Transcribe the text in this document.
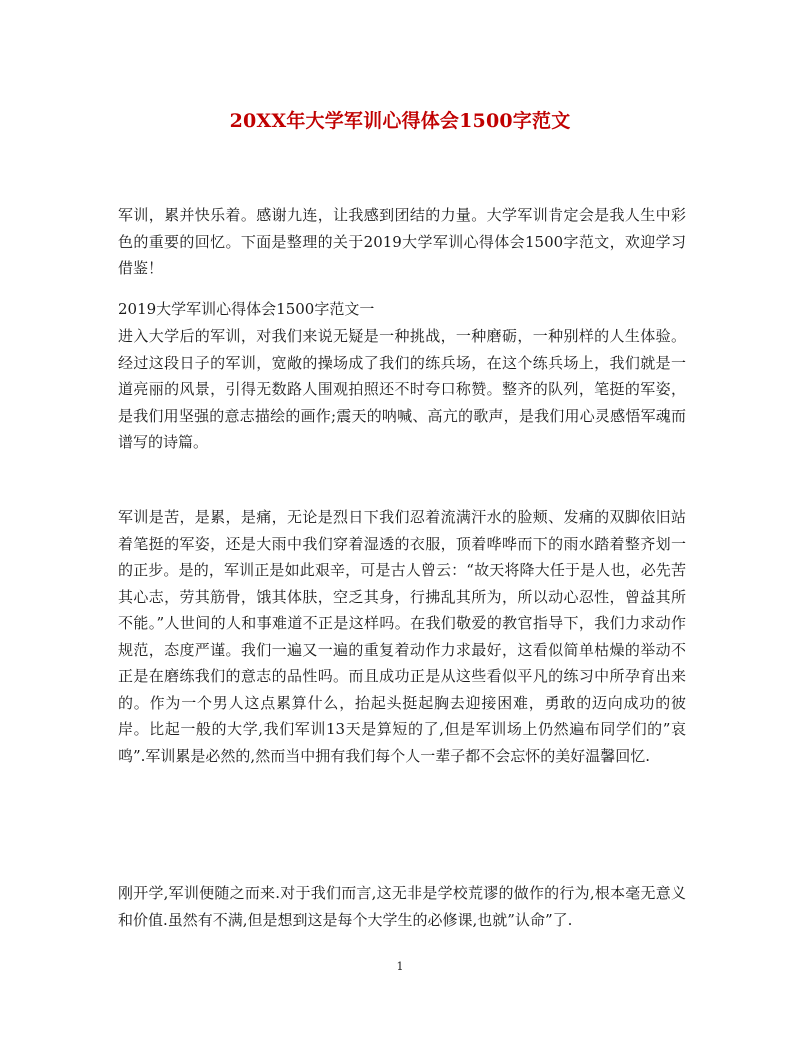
20XX年大学军训心得体会1500字范文

军训，累并快乐着。感谢九连，让我感到团结的力量。大学军训肯定会是我人生中彩色的重要的回忆。下面是整理的关于2019大学军训心得体会1500字范文，欢迎学习借鉴！

2019大学军训心得体会1500字范文一

进入大学后的军训，对我们来说无疑是一种挑战，一种磨砺，一种别样的人生体验。经过这段日子的军训，宽敞的操场成了我们的练兵场，在这个练兵场上，我们就是一道亮丽的风景，引得无数路人围观拍照还不时夸口称赞。整齐的队列，笔挺的军姿，是我们用坚强的意志描绘的画作;震天的呐喊、高亢的歌声，是我们用心灵感悟军魂而谱写的诗篇。

军训是苦，是累，是痛，无论是烈日下我们忍着流满汗水的脸颊、发痛的双脚依旧站着笔挺的军姿，还是大雨中我们穿着湿透的衣服，顶着哗哗而下的雨水踏着整齐划一的正步。是的，军训正是如此艰辛，可是古人曾云：“故天将降大任于是人也，必先苦其心志，劳其筋骨，饿其体肤，空乏其身，行拂乱其所为，所以动心忍性，曾益其所不能。”人世间的人和事难道不正是这样吗。在我们敬爱的教官指导下，我们力求动作规范，态度严谨。我们一遍又一遍的重复着动作力求最好，这看似简单枯燥的举动不正是在磨练我们的意志的品性吗。而且成功正是从这些看似平凡的练习中所孕育出来的。作为一个男人这点累算什么，抬起头挺起胸去迎接困难，勇敢的迈向成功的彼岸。比起一般的大学,我们军训13天是算短的了,但是军训场上仍然遍布同学们的”哀鸣”.军训累是必然的,然而当中拥有我们每个人一辈子都不会忘怀的美好温馨回忆.

刚开学,军训便随之而来.对于我们而言,这无非是学校荒谬的做作的行为,根本毫无意义和价值.虽然有不满,但是想到这是每个大学生的必修课,也就”认命”了.

1
